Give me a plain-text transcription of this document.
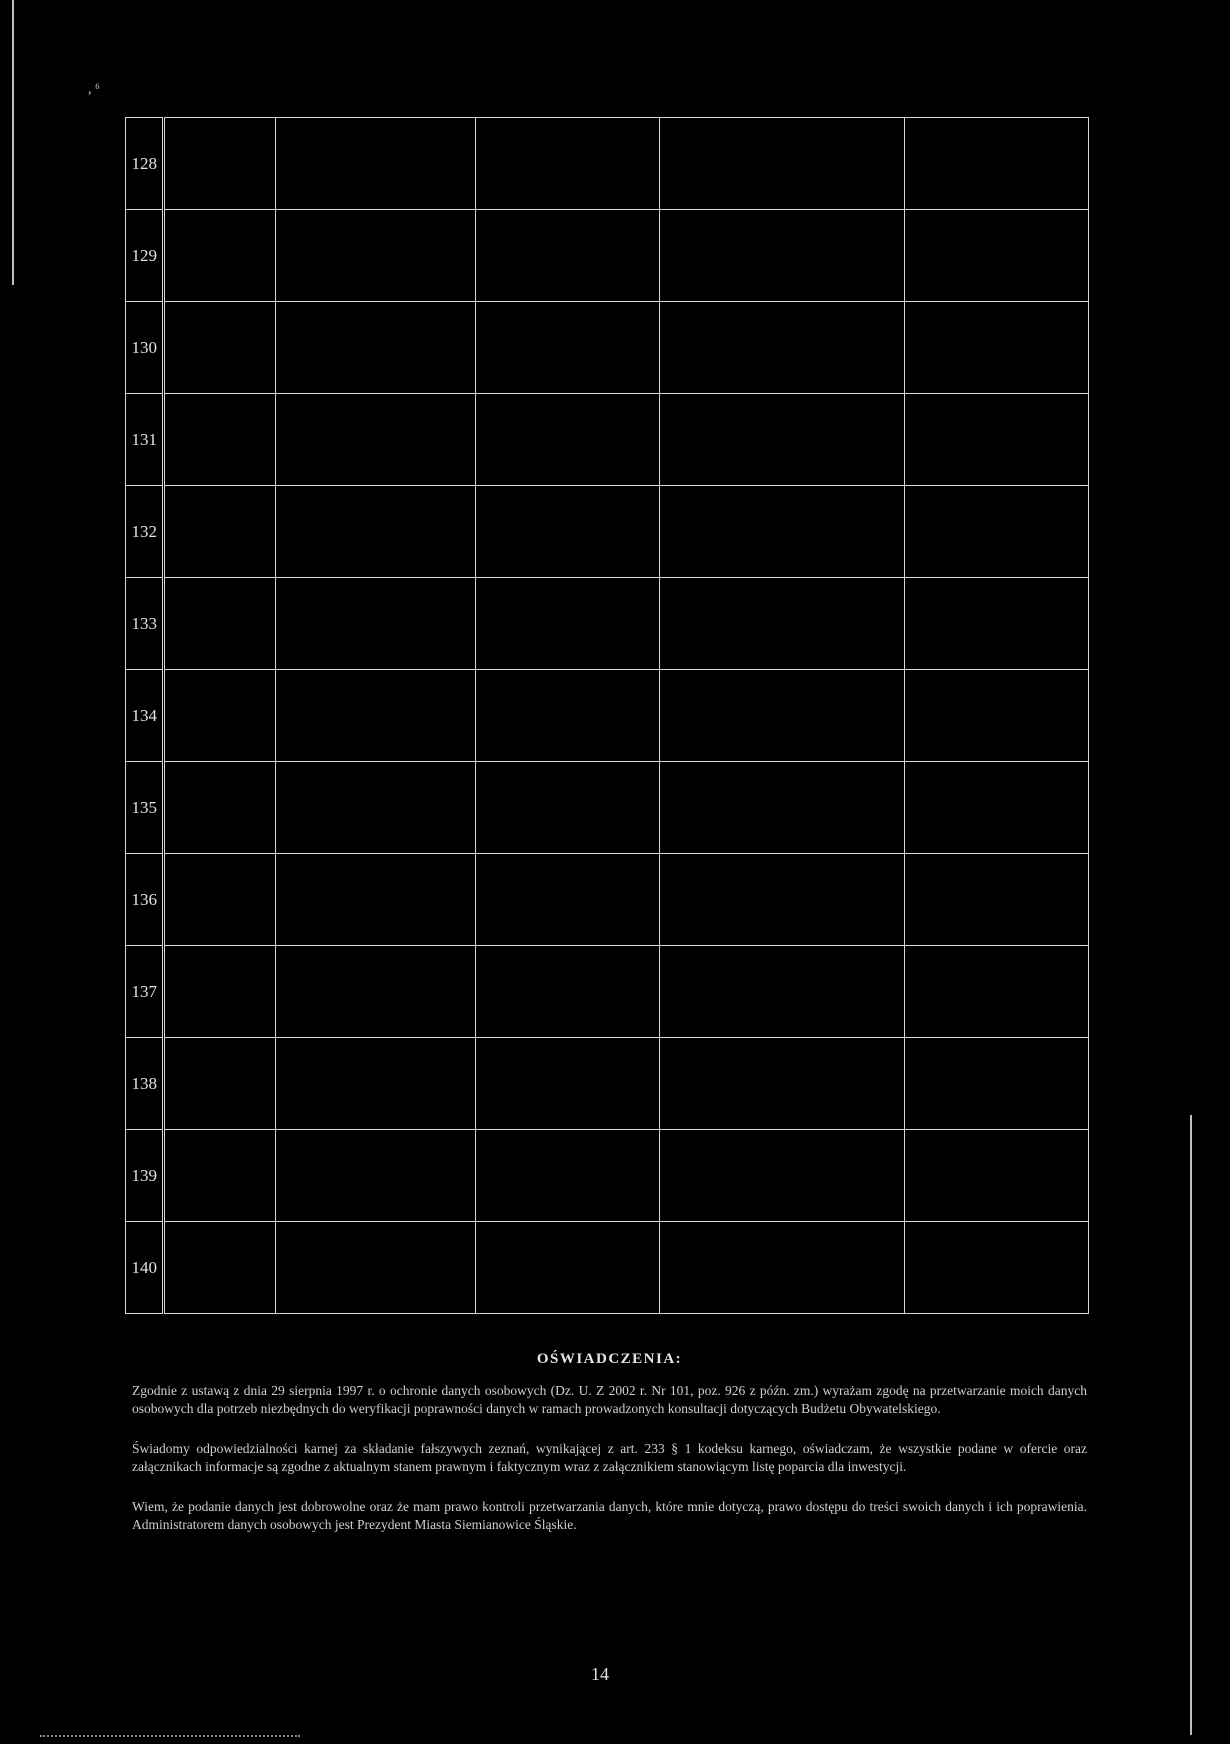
, ⁶
128					
129					
130					
131					
132					
133					
134					
135					
136					
137					
138					
139					
140					
OŚWIADCZENIA:

Zgodnie z ustawą z dnia 29 sierpnia 1997 r. o ochronie danych osobowych (Dz. U. Z 2002 r. Nr 101, poz. 926 z późn. zm.) wyrażam zgodę na przetwarzanie moich danych osobowych dla potrzeb niezbędnych do weryfikacji poprawności danych w ramach prowadzonych konsultacji dotyczących Budżetu Obywatelskiego.

Świadomy odpowiedzialności karnej za składanie fałszywych zeznań, wynikającej z art. 233 § 1 kodeksu karnego, oświadczam, że wszystkie podane w ofercie oraz załącznikach informacje są zgodne z aktualnym stanem prawnym i faktycznym wraz z załącznikiem stanowiącym listę poparcia dla inwestycji.

Wiem, że podanie danych jest dobrowolne oraz że mam prawo kontroli przetwarzania danych, które mnie dotyczą, prawo dostępu do treści swoich danych i ich poprawienia. Administratorem danych osobowych jest Prezydent Miasta Siemianowice Śląskie.

14
